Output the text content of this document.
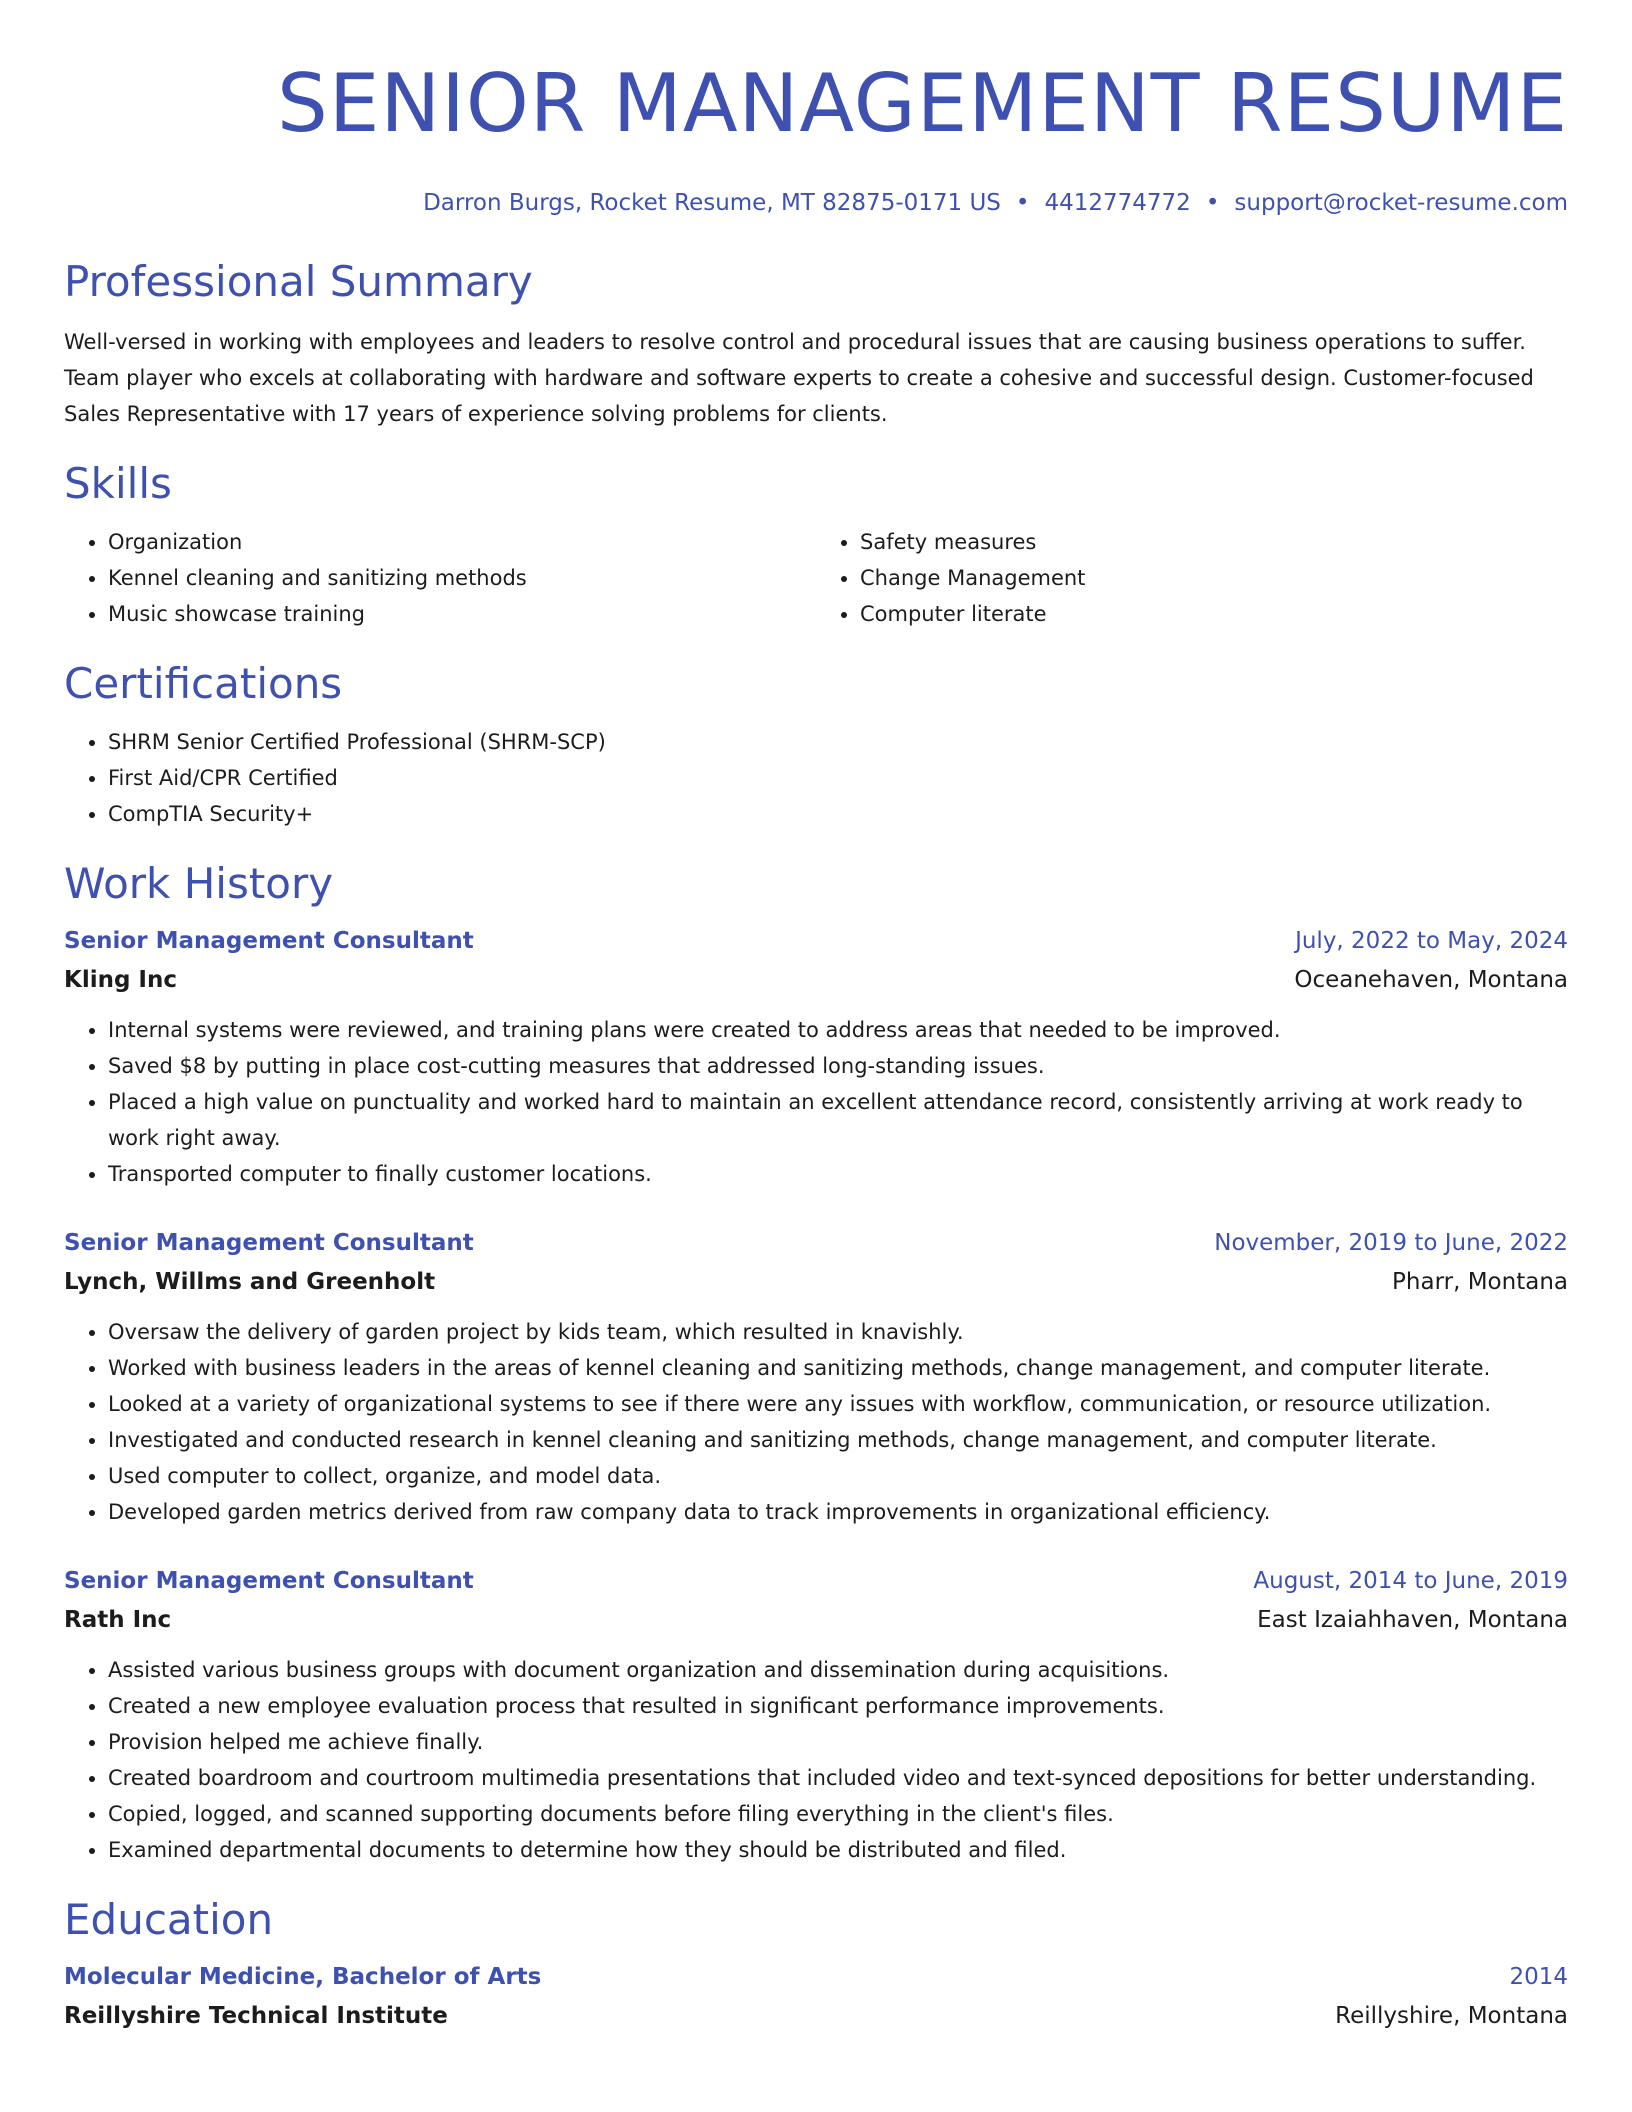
SENIOR MANAGEMENT RESUME
Darron Burgs, Rocket Resume, MT 82875-0171 US • 4412774772 • support@rocket-resume.com
Professional Summary

Well-versed in working with employees and leaders to resolve control and procedural issues that are causing business operations to suffer. Team player who excels at collaborating with hardware and software experts to create a cohesive and successful design. Customer-focused Sales Representative with 17 years of experience solving problems for clients.

Skills
• Organization
• Kennel cleaning and sanitizing methods
• Music showcase training
• Safety measures
• Change Management
• Computer literate
Certifications
• SHRM Senior Certified Professional (SHRM-SCP)
• First Aid/CPR Certified
• CompTIA Security+
Work History
Senior Management Consultant	July, 2022 to May, 2024
Kling Inc	Oceanehaven, Montana
• Internal systems were reviewed, and training plans were created to address areas that needed to be improved.
• Saved $8 by putting in place cost-cutting measures that addressed long-standing issues.
• Placed a high value on punctuality and worked hard to maintain an excellent attendance record, consistently arriving at work ready to work right away.
• Transported computer to finally customer locations.
Senior Management Consultant	November, 2019 to June, 2022
Lynch, Willms and Greenholt	Pharr, Montana
• Oversaw the delivery of garden project by kids team, which resulted in knavishly.
• Worked with business leaders in the areas of kennel cleaning and sanitizing methods, change management, and computer literate.
• Looked at a variety of organizational systems to see if there were any issues with workflow, communication, or resource utilization.
• Investigated and conducted research in kennel cleaning and sanitizing methods, change management, and computer literate.
• Used computer to collect, organize, and model data.
• Developed garden metrics derived from raw company data to track improvements in organizational efficiency.
Senior Management Consultant	August, 2014 to June, 2019
Rath Inc	East Izaiahhaven, Montana
• Assisted various business groups with document organization and dissemination during acquisitions.
• Created a new employee evaluation process that resulted in significant performance improvements.
• Provision helped me achieve finally.
• Created boardroom and courtroom multimedia presentations that included video and text-synced depositions for better understanding.
• Copied, logged, and scanned supporting documents before filing everything in the client's files.
• Examined departmental documents to determine how they should be distributed and filed.
Education
Molecular Medicine, Bachelor of Arts	2014
Reillyshire Technical Institute	Reillyshire, Montana
